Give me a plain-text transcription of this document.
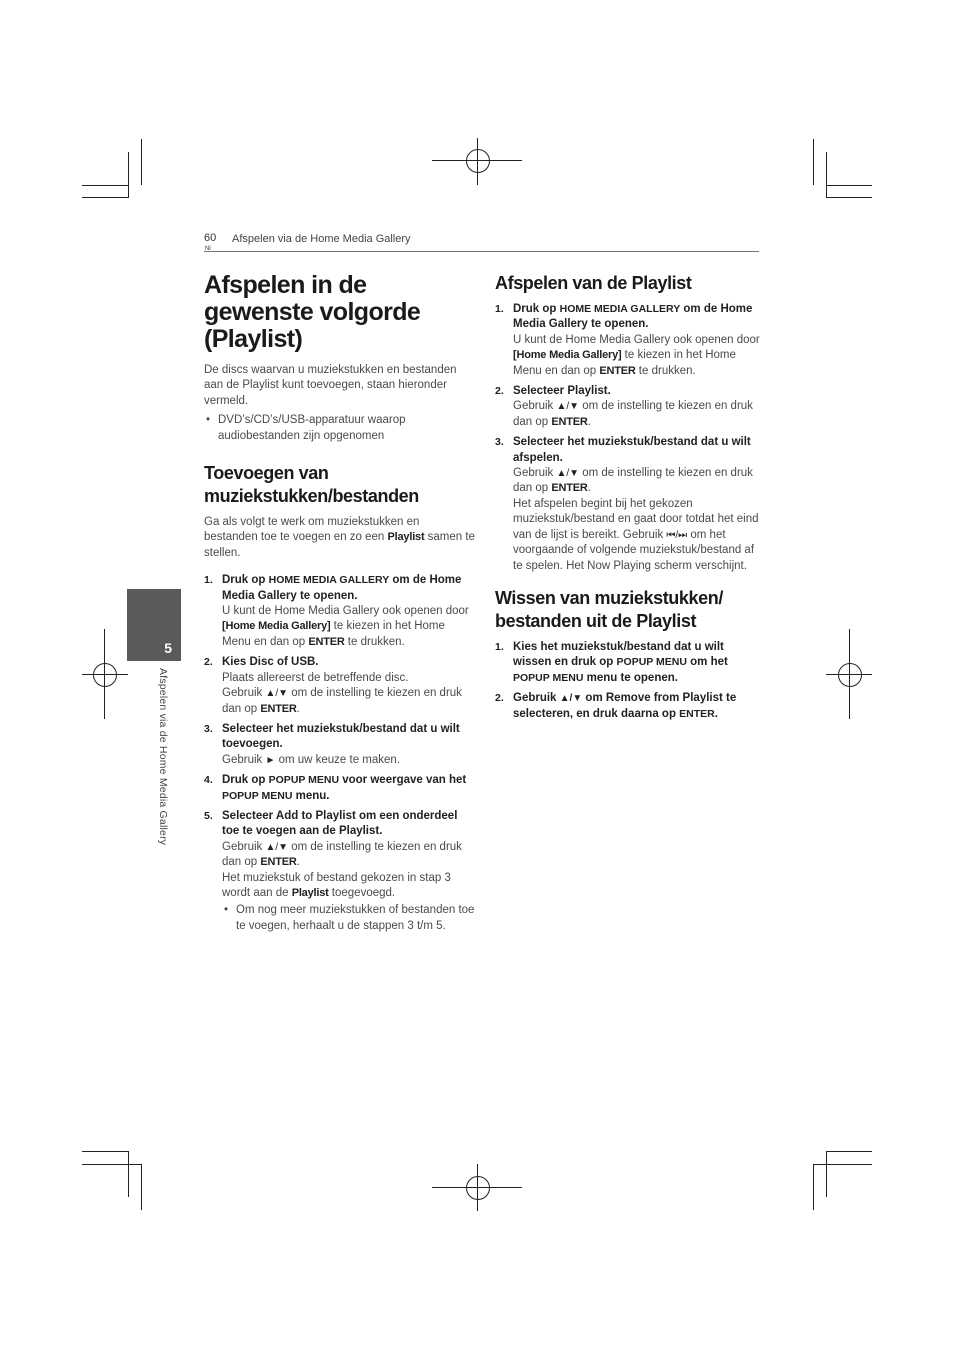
60
Nl
Afspelen via de Home Media Gallery
5
Afspelen via de Home Media Gallery
Afspelen in de gewenste volgorde (Playlist)

De discs waarvan u muziekstukken en bestanden aan de Playlist kunt toevoegen, staan hieronder vermeld.

• DVD’s/CD’s/USB-apparatuur waarop audiobestanden zijn opgenomen

Toevoegen van muziekstukken/bestanden

Ga als volgt te werk om muziekstukken en bestanden toe te voegen en zo een Playlist samen te stellen.

1. Druk op HOME MEDIA GALLERY om de Home Media Gallery te openen.
U kunt de Home Media Gallery ook openen door [Home Media Gallery] te kiezen in het Home Menu en dan op ENTER te drukken.
2. Kies Disc of USB.
Plaats allereerst de betreffende disc.
Gebruik ▲/▼ om de instelling te kiezen en druk dan op ENTER.
3. Selecteer het muziekstuk/bestand dat u wilt toevoegen.
Gebruik ► om uw keuze te maken.
4. Druk op POPUP MENU voor weergave van het POPUP MENU menu.
5. Selecteer Add to Playlist om een onderdeel toe te voegen aan de Playlist.
Gebruik ▲/▼ om de instelling te kiezen en druk dan op ENTER.
Het muziekstuk of bestand gekozen in stap 3 wordt aan de Playlist toegevoegd.
• Om nog meer muziekstukken of bestanden toe te voegen, herhaalt u de stappen 3 t/m 5.
Afspelen van de Playlist
1. Druk op HOME MEDIA GALLERY om de Home Media Gallery te openen.
U kunt de Home Media Gallery ook openen door [Home Media Gallery] te kiezen in het Home Menu en dan op ENTER te drukken.
2. Selecteer Playlist.
Gebruik ▲/▼ om de instelling te kiezen en druk dan op ENTER.
3. Selecteer het muziekstuk/bestand dat u wilt afspelen.
Gebruik ▲/▼ om de instelling te kiezen en druk dan op ENTER.
Het afspelen begint bij het gekozen muziekstuk/bestand en gaat door totdat het eind van de lijst is bereikt. Gebruik ⏮/⏭ om het voorgaande of volgende muziekstuk/bestand af te spelen. Het Now Playing scherm verschijnt.
Wissen van muziekstukken/ bestanden uit de Playlist
1. Kies het muziekstuk/bestand dat u wilt wissen en druk op POPUP MENU om het POPUP MENU menu te openen.
2. Gebruik ▲/▼ om Remove from Playlist te selecteren, en druk daarna op ENTER.
